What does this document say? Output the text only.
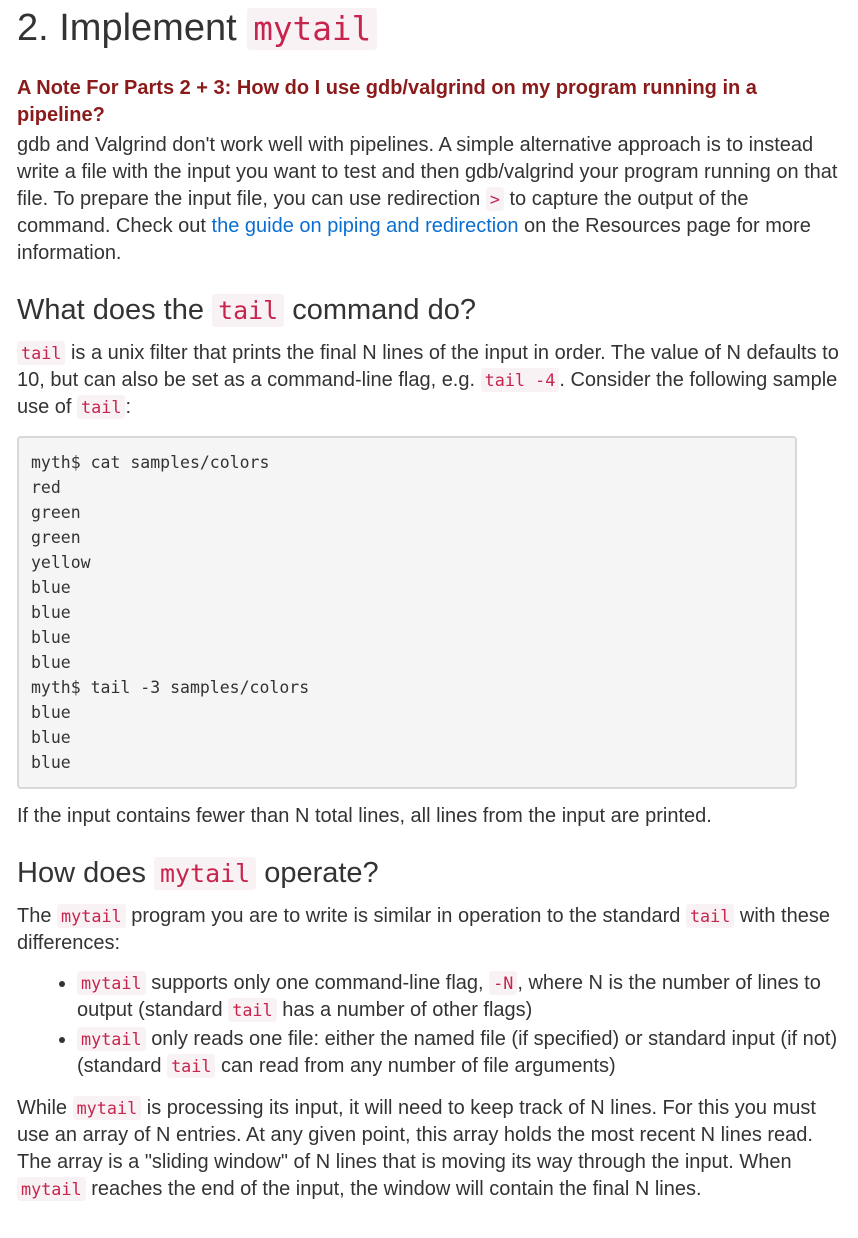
2. Implement mytail
A Note For Parts 2 + 3: How do I use gdb/valgrind on my program running in a pipeline?

gdb and Valgrind don't work well with pipelines. A simple alternative approach is to instead write a file with the input you want to test and then gdb/valgrind your program running on that file. To prepare the input file, you can use redirection > to capture the output of the command. Check out the guide on piping and redirection on the Resources page for more information.

What does the tail command do?

tail is a unix filter that prints the final N lines of the input in order. The value of N defaults to 10, but can also be set as a command-line flag, e.g. tail -4 . Consider the following sample use of tail :

myth$ cat samples/colors
red
green
green
yellow
blue
blue
blue
blue
myth$ tail -3 samples/colors
blue
blue
blue

If the input contains fewer than N total lines, all lines from the input are printed.

How does mytail operate?

The mytail program you are to write is similar in operation to the standard tail with these differences:

• mytail supports only one command-line flag, -N , where N is the number of lines to output (standard tail has a number of other flags)
• mytail only reads one file: either the named file (if specified) or standard input (if not) (standard tail can read from any number of file arguments)

While mytail is processing its input, it will need to keep track of N lines. For this you must use an array of N entries. At any given point, this array holds the most recent N lines read. The array is a "sliding window" of N lines that is moving its way through the input. When mytail reaches the end of the input, the window will contain the final N lines.
